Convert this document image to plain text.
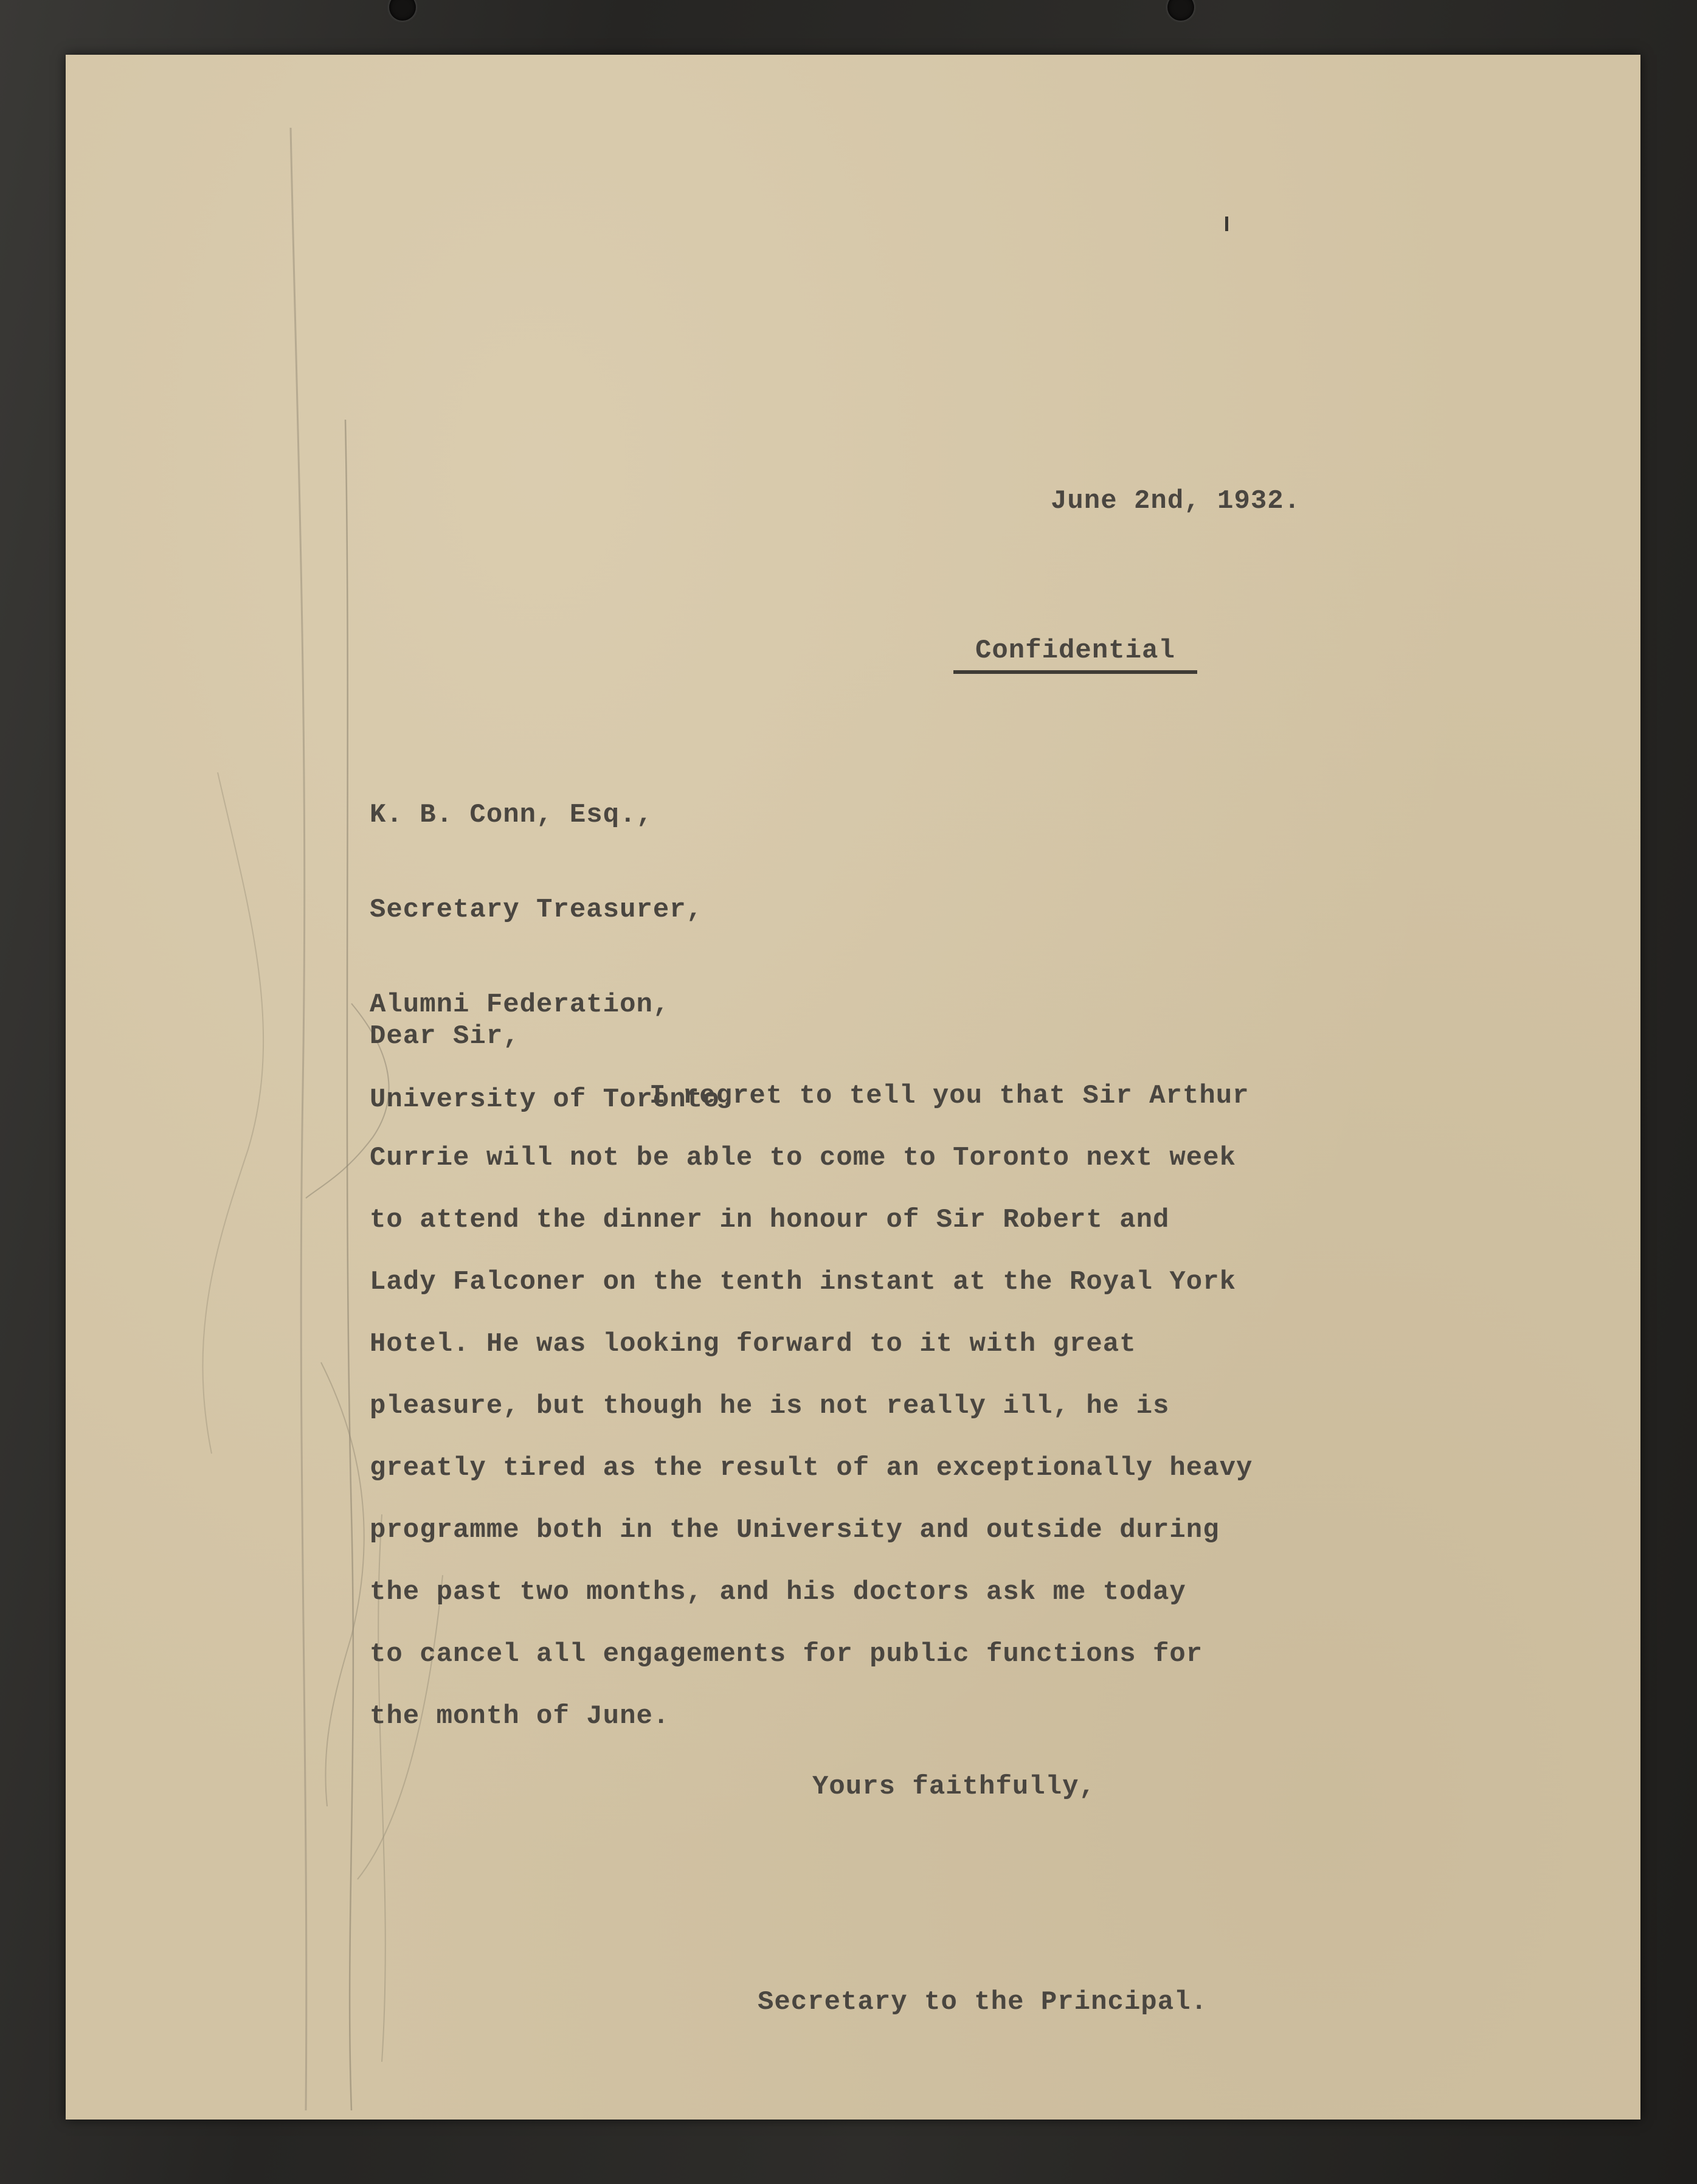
June 2nd, 1932.
Confidential

K. B. Conn, Esq.,

Secretary Treasurer,

Alumni Federation,

University of Toronto.

Dear Sir,

I regret to tell you that Sir Arthur

Currie will not be able to come to Toronto next week

to attend the dinner in honour of Sir Robert and

Lady Falconer on the tenth instant at the Royal York

Hotel. He was looking forward to it with great

pleasure, but though he is not really ill, he is

greatly tired as the result of an exceptionally heavy

programme both in the University and outside during

the past two months, and his doctors ask me today

to cancel all engagements for public functions for

the month of June.

Yours faithfully,
Secretary to the Principal.
